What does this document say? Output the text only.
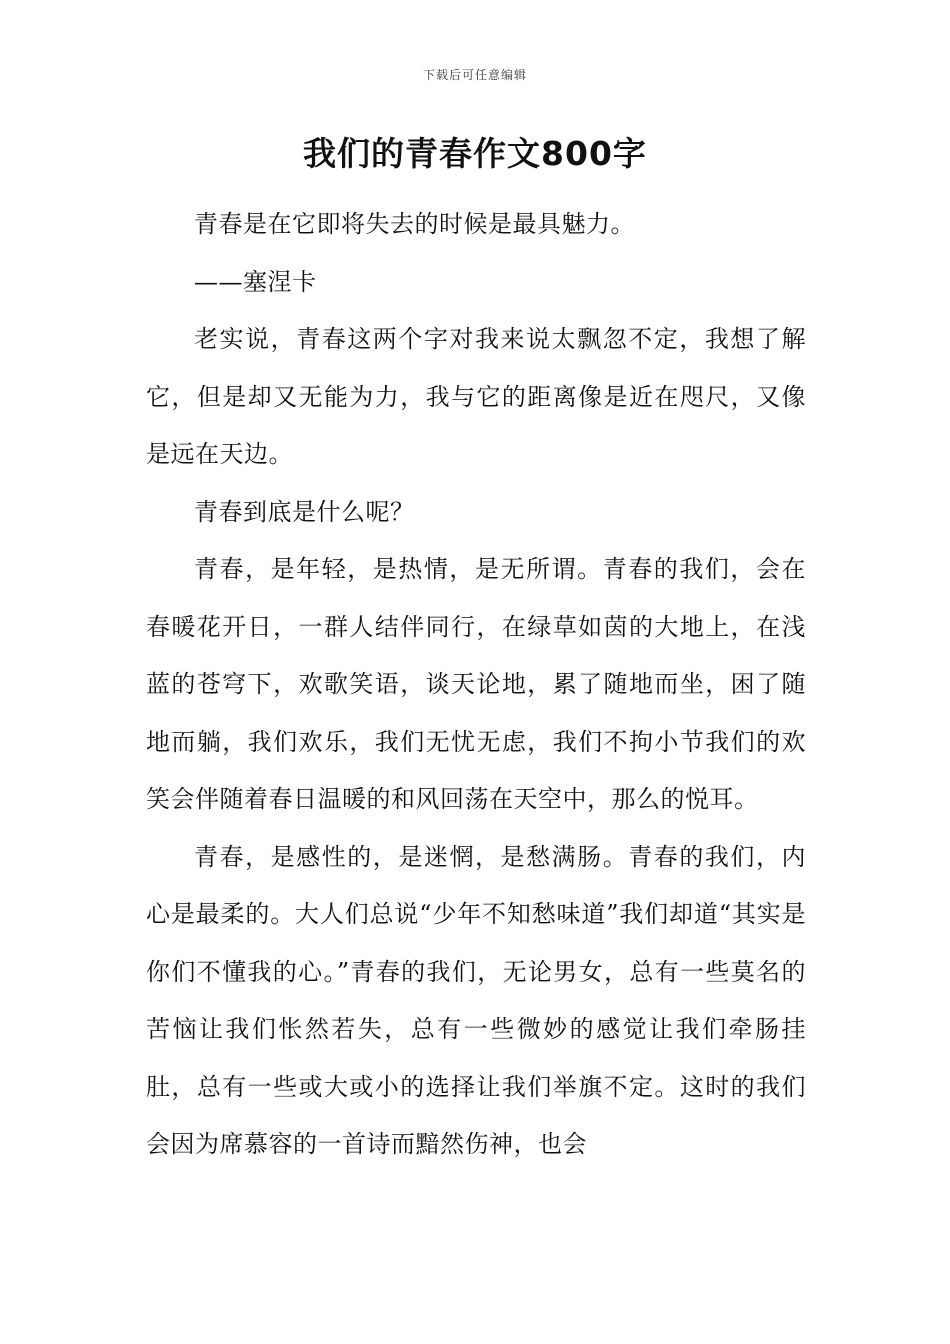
下载后可任意编辑
我们的青春作文800字

青春是在它即将失去的时候是最具魅力。

——塞涅卡

老实说，青春这两个字对我来说太飘忽不定，我想了解它，但是却又无能为力，我与它的距离像是近在咫尺，又像是远在天边。

青春到底是什么呢？

青春，是年轻，是热情，是无所谓。青春的我们，会在春暖花开日，一群人结伴同行，在绿草如茵的大地上，在浅蓝的苍穹下，欢歌笑语，谈天论地，累了随地而坐，困了随地而躺，我们欢乐，我们无忧无虑，我们不拘小节我们的欢笑会伴随着春日温暖的和风回荡在天空中，那么的悦耳。

青春，是感性的，是迷惘，是愁满肠。青春的我们，内心是最柔的。大人们总说“少年不知愁味道”我们却道“其实是你们不懂我的心。”青春的我们，无论男女，总有一些莫名的苦恼让我们怅然若失，总有一些微妙的感觉让我们牵肠挂肚，总有一些或大或小的选择让我们举旗不定。这时的我们会因为席慕容的一首诗而黯然伤神，也会
